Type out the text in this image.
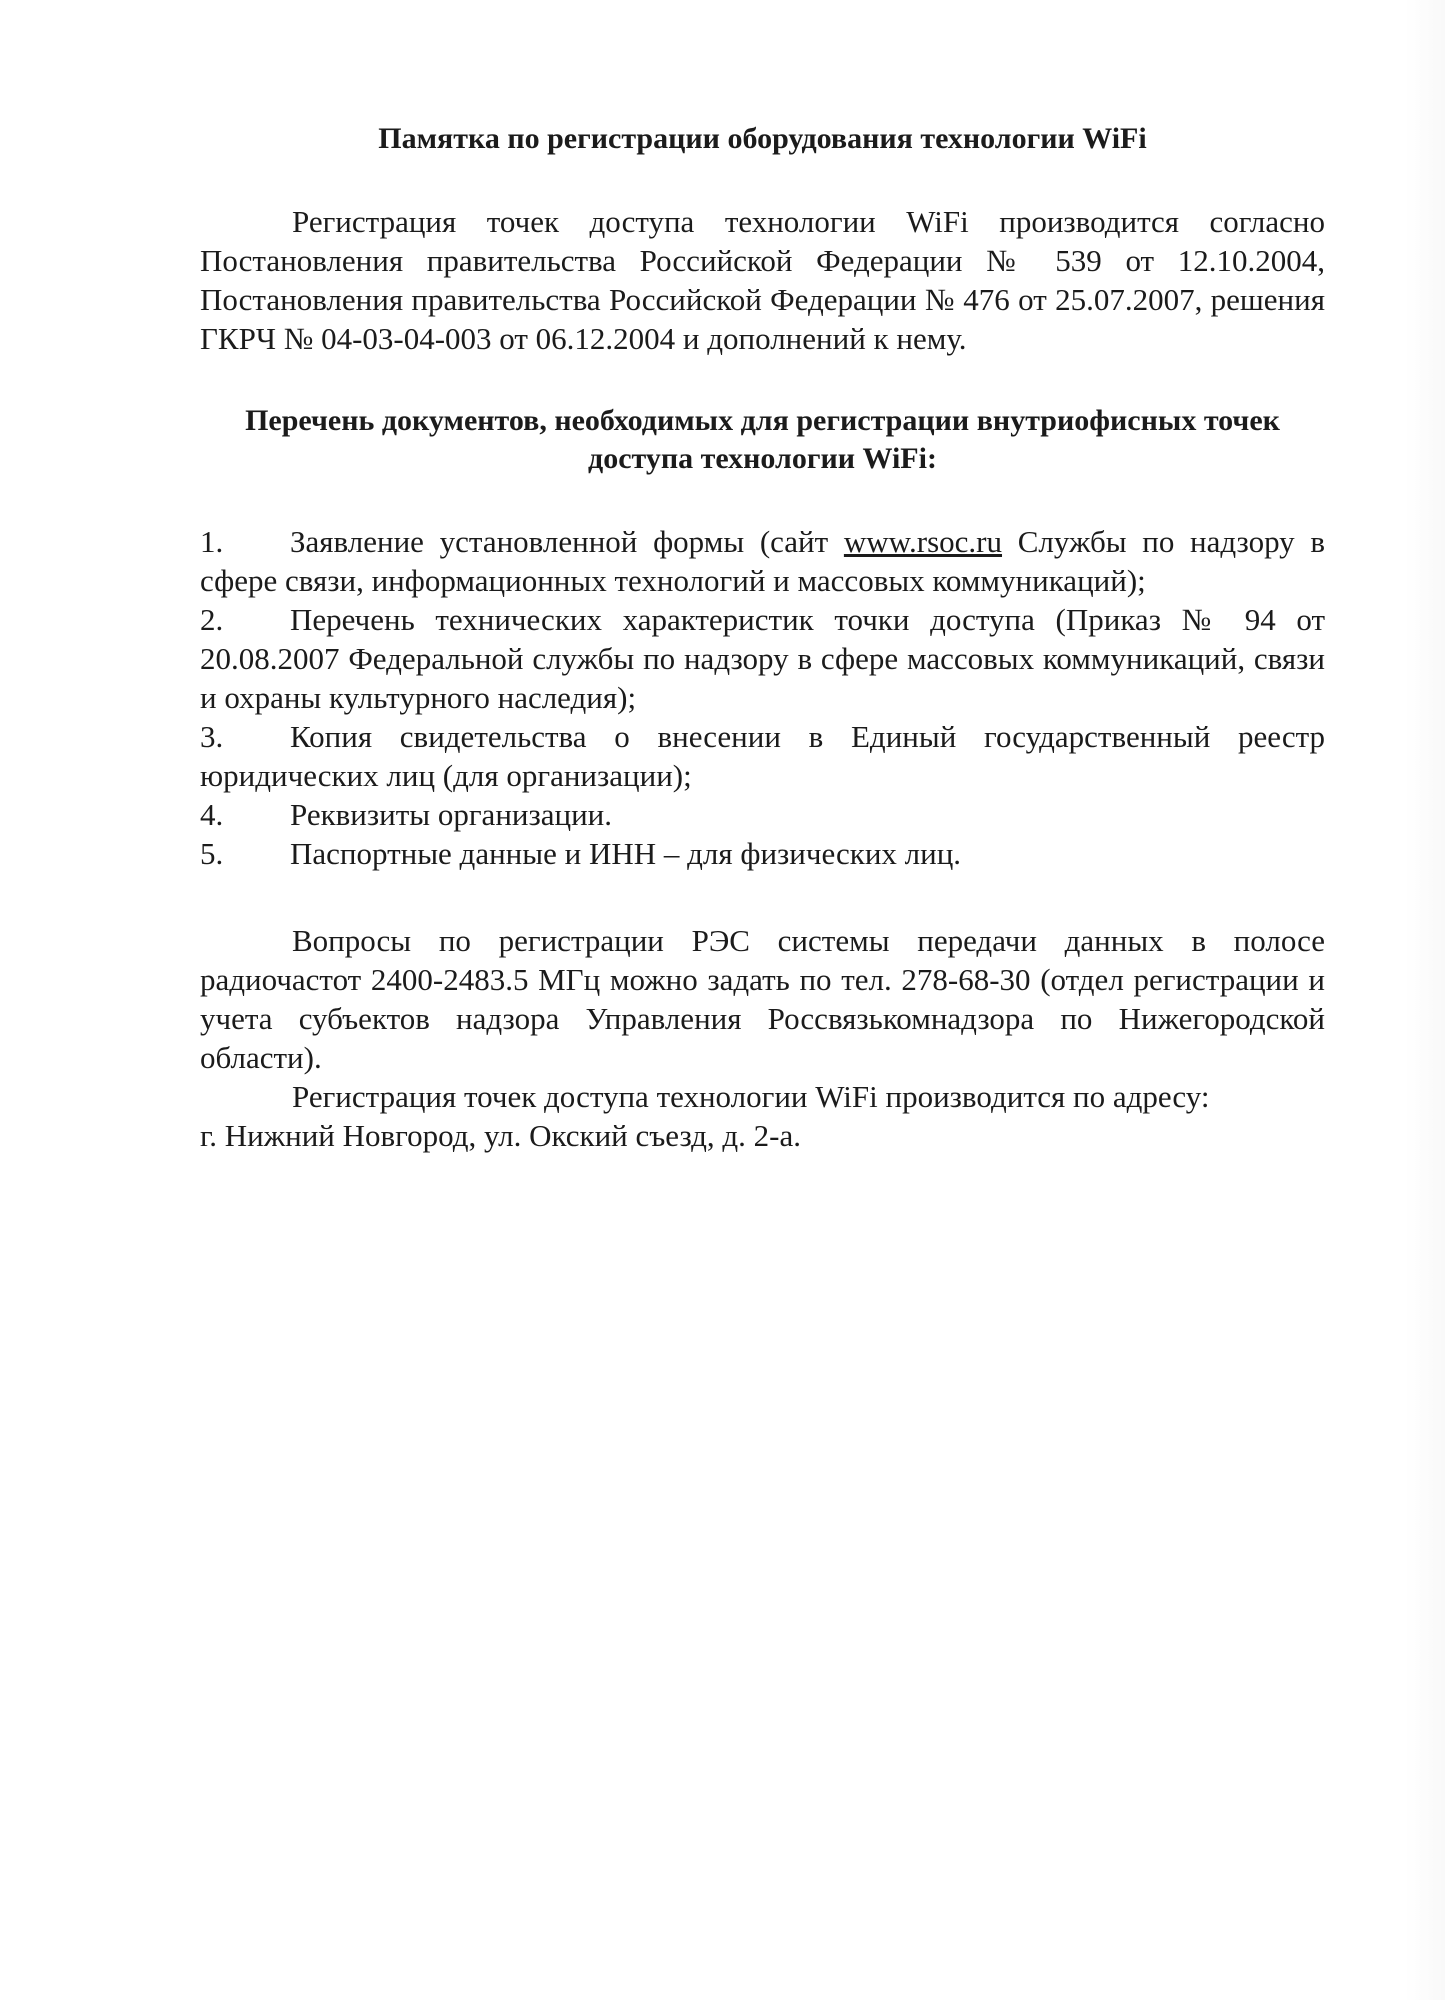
Памятка по регистрации оборудования технологии WiFi

Регистрация точек доступа технологии WiFi производится согласно Постановления правительства Российской Федерации № 539 от 12.10.2004, Постановления правительства Российской Федерации № 476 от 25.07.2007, решения ГКРЧ № 04-03-04-003 от 06.12.2004 и дополнений к нему.

Перечень документов, необходимых для регистрации внутриофисных точек доступа технологии WiFi:

1. Заявление установленной формы (сайт www.rsoc.ru Службы по надзору в сфере связи, информационных технологий и массовых коммуникаций);

2. Перечень технических характеристик точки доступа (Приказ № 94 от 20.08.2007 Федеральной службы по надзору в сфере массовых коммуникаций, связи и охраны культурного наследия);

3. Копия свидетельства о внесении в Единый государственный реестр юридических лиц (для организации);

4. Реквизиты организации.

5. Паспортные данные и ИНН – для физических лиц.

Вопросы по регистрации РЭС системы передачи данных в полосе радиочастот 2400-2483.5 МГц можно задать по тел. 278-68-30 (отдел регистрации и учета субъектов надзора Управления Россвязькомнадзора по Нижегородской области).

Регистрация точек доступа технологии WiFi производится по адресу:

г. Нижний Новгород, ул. Окский съезд, д. 2-а.
